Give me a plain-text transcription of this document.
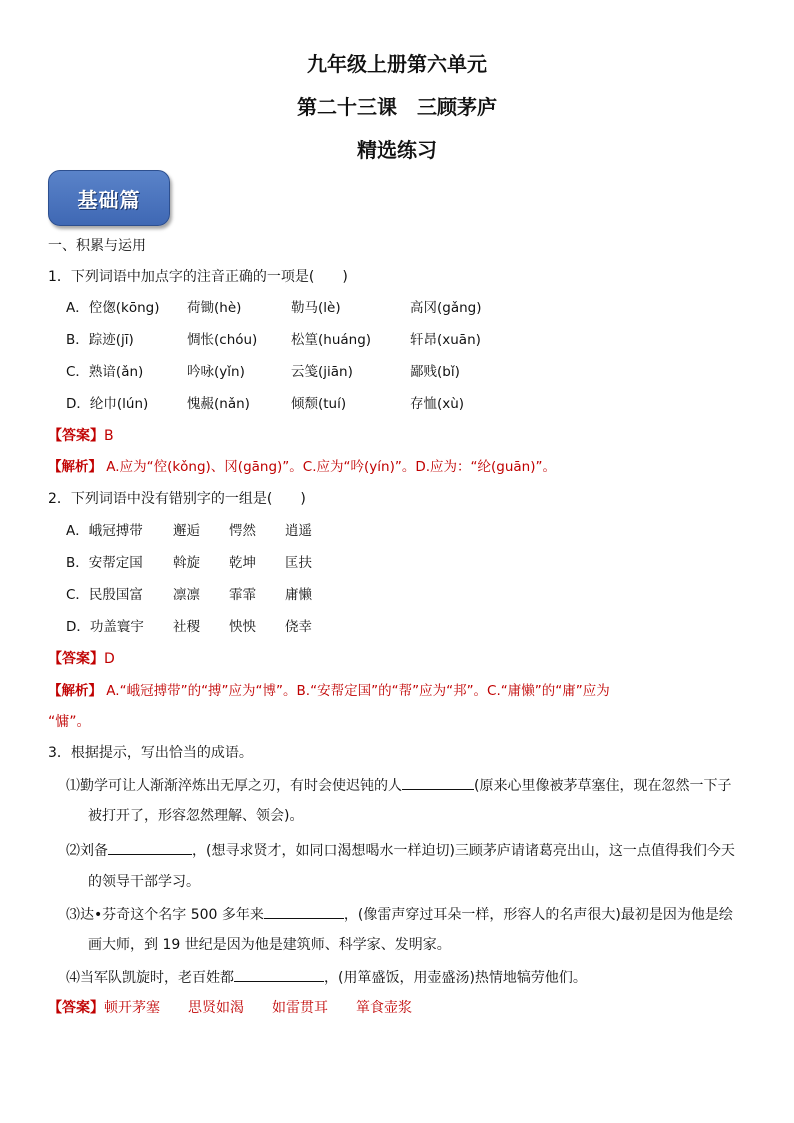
九年级上册第六单元
第二十三课　三顾茅庐
精选练习
基础篇
一、积累与运用
1．下列词语中加点字的注音正确的一项是(　　)
A．倥偬(kōng) 荷锄(hè)	勒马(lè)	高冈(gǎng)
B．踪迹(jī)	惆怅(chóu) 松篁(huáng)	轩昂(xuān)
C．熟谙(ǎn)	吟咏(yǐn)	云笺(jiān)	鄙贱(bǐ)
D．纶巾(lún)	愧赧(nǎn)	倾颓(tuí)	存恤(xù)
【答案】B
【解析】 A.应为“倥(kǒng)、冈(gāng)”。C.应为“吟(yín)”。D.应为：“纶(guān)”。
2．下列词语中没有错别字的一组是(　　)
A．峨冠搏带 邂逅 愕然 逍遥
B．安帮定国 斡旋 乾坤 匡扶
C．民殷国富 凛凛 霏霏 庸懒
D．功盖寰宇 社稷 怏怏 侥幸
【答案】D
【解析】 A.“峨冠搏带”的“搏”应为“博”。B.“安帮定国”的“帮”应为“邦”。C.“庸懒”的“庸”应为
“慵”。
3．根据提示，写出恰当的成语。
⑴勤学可让人渐渐淬炼出无厚之刃，有时会使迟钝的人	(原来心里像被茅草塞住，现在忽然一下子
被打开了，形容忽然理解、领会)。
⑵刘备	，(想寻求贤才，如同口渴想喝水一样迫切)三顾茅庐请诸葛亮出山，这一点值得我们今天
的领导干部学习。
⑶达•芬奇这个名字 500 多年来	，(像雷声穿过耳朵一样，形容人的名声很大)最初是因为他是绘
画大师，到 19 世纪是因为他是建筑师、科学家、发明家。
⑷当军队凯旋时，老百姓都	，(用箪盛饭，用壶盛汤)热情地犒劳他们。
【答案】顿开茅塞 思贤如渴 如雷贯耳 箪食壶浆
